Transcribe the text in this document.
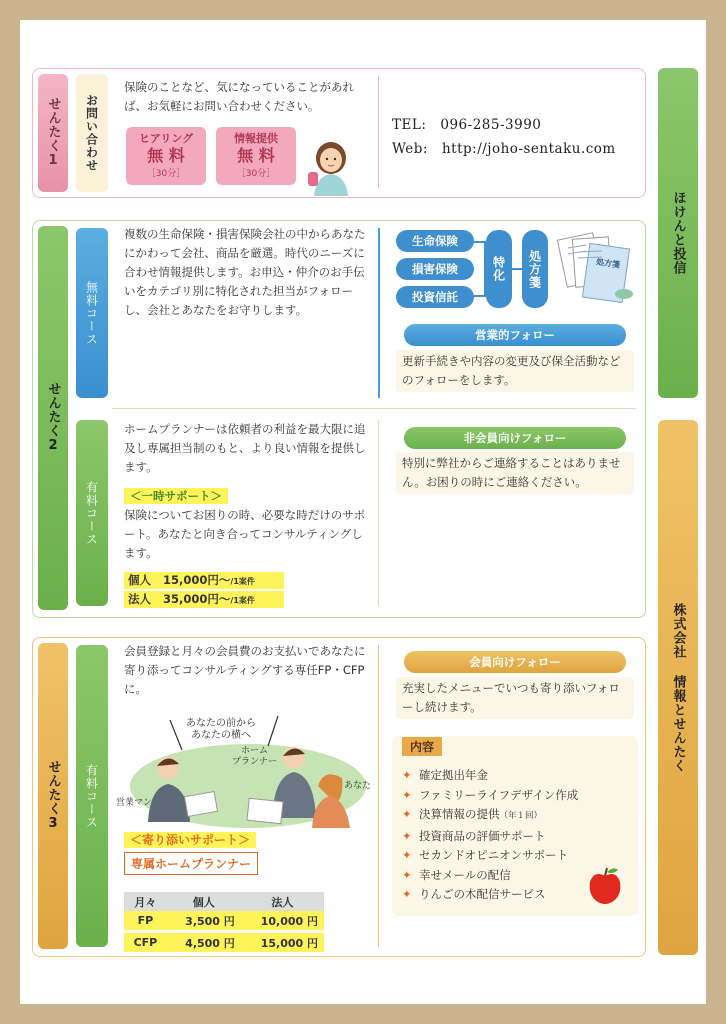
ほけんと投信
株式会社 情報とせんたく
せんたく1 お問い合わせ
保険のことなど、気になっていることがあれば、お気軽にお問い合わせください。
ヒアリング
無 料
［30分］
情報提供
無 料
［30分］
TEL:　096-285-3990
Web:　http://joho-sentaku.com
せんたく2
無料コース
複数の生命保険・損害保険会社の中からあなたにかわって会社、商品を厳選。時代のニーズに合わせ情報提供します。お申込・仲介のお手伝いをカテゴリ別に特化された担当がフォローし、会社とあなたをお守りします。
生命保険
損害保険
投資信託
特化 処方箋	処方箋
営業的フォロー
更新手続きや内容の変更及び保全活動などのフォローをします。
有料コース
ホームプランナーは依頼者の利益を最大限に追及し専属担当制のもと、より良い情報を提供します。
＜一時サポート＞
保険についてお困りの時、必要な時だけのサポート。あなたと向き合ってコンサルティングします。
個人 15,000円〜/1案件
法人 35,000円〜/1案件
非会員向けフォロー
特別に弊社からご連絡することはありません。お困りの時にご連絡ください。
せんたく3 有料コース
会員登録と月々の会員費のお支払いであなたに寄り添ってコンサルティングする専任FP・CFPに。
あなたの前から
あなたの横へ
ホーム
プランナー
営業マン
あなた
＜寄り添いサポート＞
専属ホームプランナー
月々	個人	法人
FP	3,500 円	10,000 円

CFP	4,500 円	15,000 円
会員向けフォロー
充実したメニューでいつも寄り添いフォローし続けます。
内容
✦ 確定拠出年金
✦ ファミリーライフデザイン作成
✦ 決算情報の提供（年１回）
✦ 投資商品の評価サポート
✦ セカンドオピニオンサポート
✦ 幸せメールの配信
✦ りんごの木配信サービス
